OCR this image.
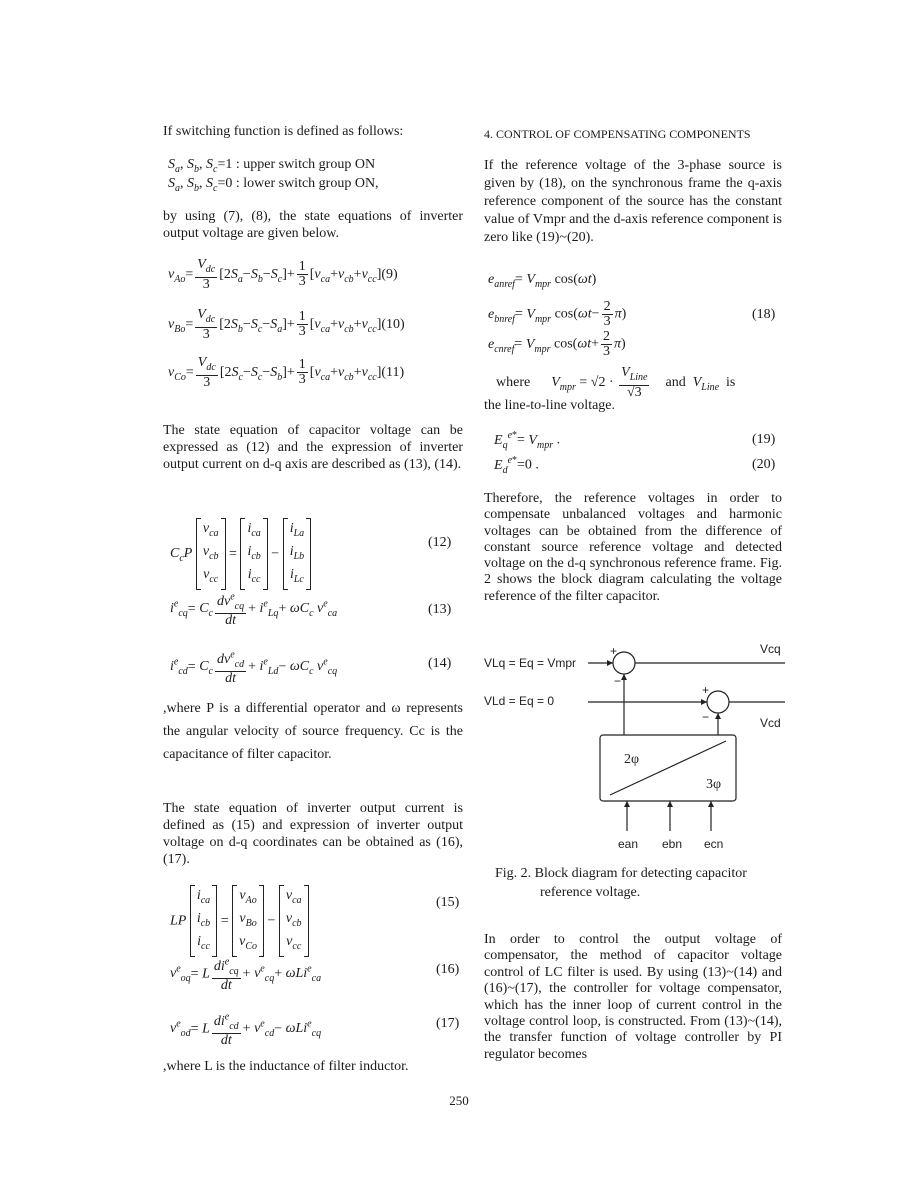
If switching function is defined as follows:

$S_a$, $S_b$, $S_c=1$ : upper switch group ON
$S_a$, $S_b$, $S_c=0$ : lower switch group ON,

by using (7), (8), the state equations of inverter output voltage are given below.

$v_{Ao}= \frac{V_{dc}}{3} [2S_a-S_b-S_c]+ \frac{1}{3} [v_{ca}+v_{cb}+v_{cc}](9)$
$v_{Bo}= \frac{V_{dc}}{3} [2S_b-S_c-S_a]+ \frac{1}{3} [v_{ca}+v_{cb}+v_{cc}](10)$
$v_{Co}= \frac{V_{dc}}{3} [2S_c-S_c-S_b]+ \frac{1}{3} [v_{ca}+v_{cb}+v_{cc}](11)$

The state equation of capacitor voltage can be expressed as (12) and the expression of inverter output current on d-q axis are described as (13), (14).

$C_cP$
$v_{ca}$
$v_{cb}$
$v_{cc}$
=
$i_{ca}$
$i_{cb}$
$i_{cc}$
−
$i_{La}$
$i_{Lb}$
$i_{Lc}$
(12)
$i^e_{cq}= C_c \frac{dv^e_{cq}}{dt} + i^e_{Lq}+ \omega C_c$ $v^e_{ca}$	(13)
$i^e_{cd}= C_c \frac{dv^e_{cd}}{dt} + i^e_{Ld}- \omega C_c$ $v^e_{cq}$
(14)

,where P is a differential operator and ω represents the angular velocity of source frequency. Cc is the capacitance of filter capacitor.

The state equation of inverter output current is defined as (15) and expression of inverter output voltage on d-q coordinates can be obtained as (16),(17).

LP
$i_{ca}$
$i_{cb}$
$i_{cc}$
=
$v_{Ao}$
$v_{Bo}$
$v_{Co}$
−
$v_{ca}$
$v_{cb}$
$v_{cc}$
(15)
$v^e_{oq}= L \frac{di^e_{cq}}{dt} + v^e_{cq}+ \omega Li^e_{ca}$
(16)
$v^e_{od}= L \frac{di^e_{cd}}{dt} + v^e_{cd}- \omega Li^e_{cq}$
(17)

,where L is the inductance of filter inductor.

4. CONTROL OF COMPENSATING COMPONENTS

If the reference voltage of the 3-phase source is given by (18), on the synchronous frame the q-axis reference component of the source has the constant value of Vmpr and the d-axis reference component is zero like (19)~(20).

$e_{anref}= V_{mpr}$ cos(ωt)
$e_{bnref}= V_{mpr}$ $\cos(\omega t- \frac{2}{3} \pi)$
$e_{cnref}= V_{mpr}$ $\cos(\omega t+ \frac{2}{3} \pi)$
(18)
where $V_{mpr} = √2 \cdot \frac{V_{Line}}{√3}$ and $V_{Line}$ is
the line-to-line voltage.
$E_q^{e*}= V_{mpr}$ .	(19)
$E_d^{e*}=0$ .	(20)

Therefore, the reference voltages in order to compensate unbalanced voltages and harmonic voltages can be obtained from the difference of constant source reference voltage and detected voltage on the d-q synchronous reference frame. Fig. 2 shows the block diagram calculating the voltage reference of the filter capacitor.

+
−
+
−
VLq = Eq = Vmpr
VLd = Eq = 0
Vcq
Vcd
2φ
3φ
ean ebn ecn
Fig. 2. Block diagram for detecting capacitor
reference voltage.

In order to control the output voltage of compensator, the method of capacitor voltage control of LC filter is used. By using (13)~(14) and (16)~(17), the controller for voltage compensator, which has the inner loop of current control in the voltage control loop, is constructed. From (13)~(14), the transfer function of voltage controller by PI regulator becomes

250
